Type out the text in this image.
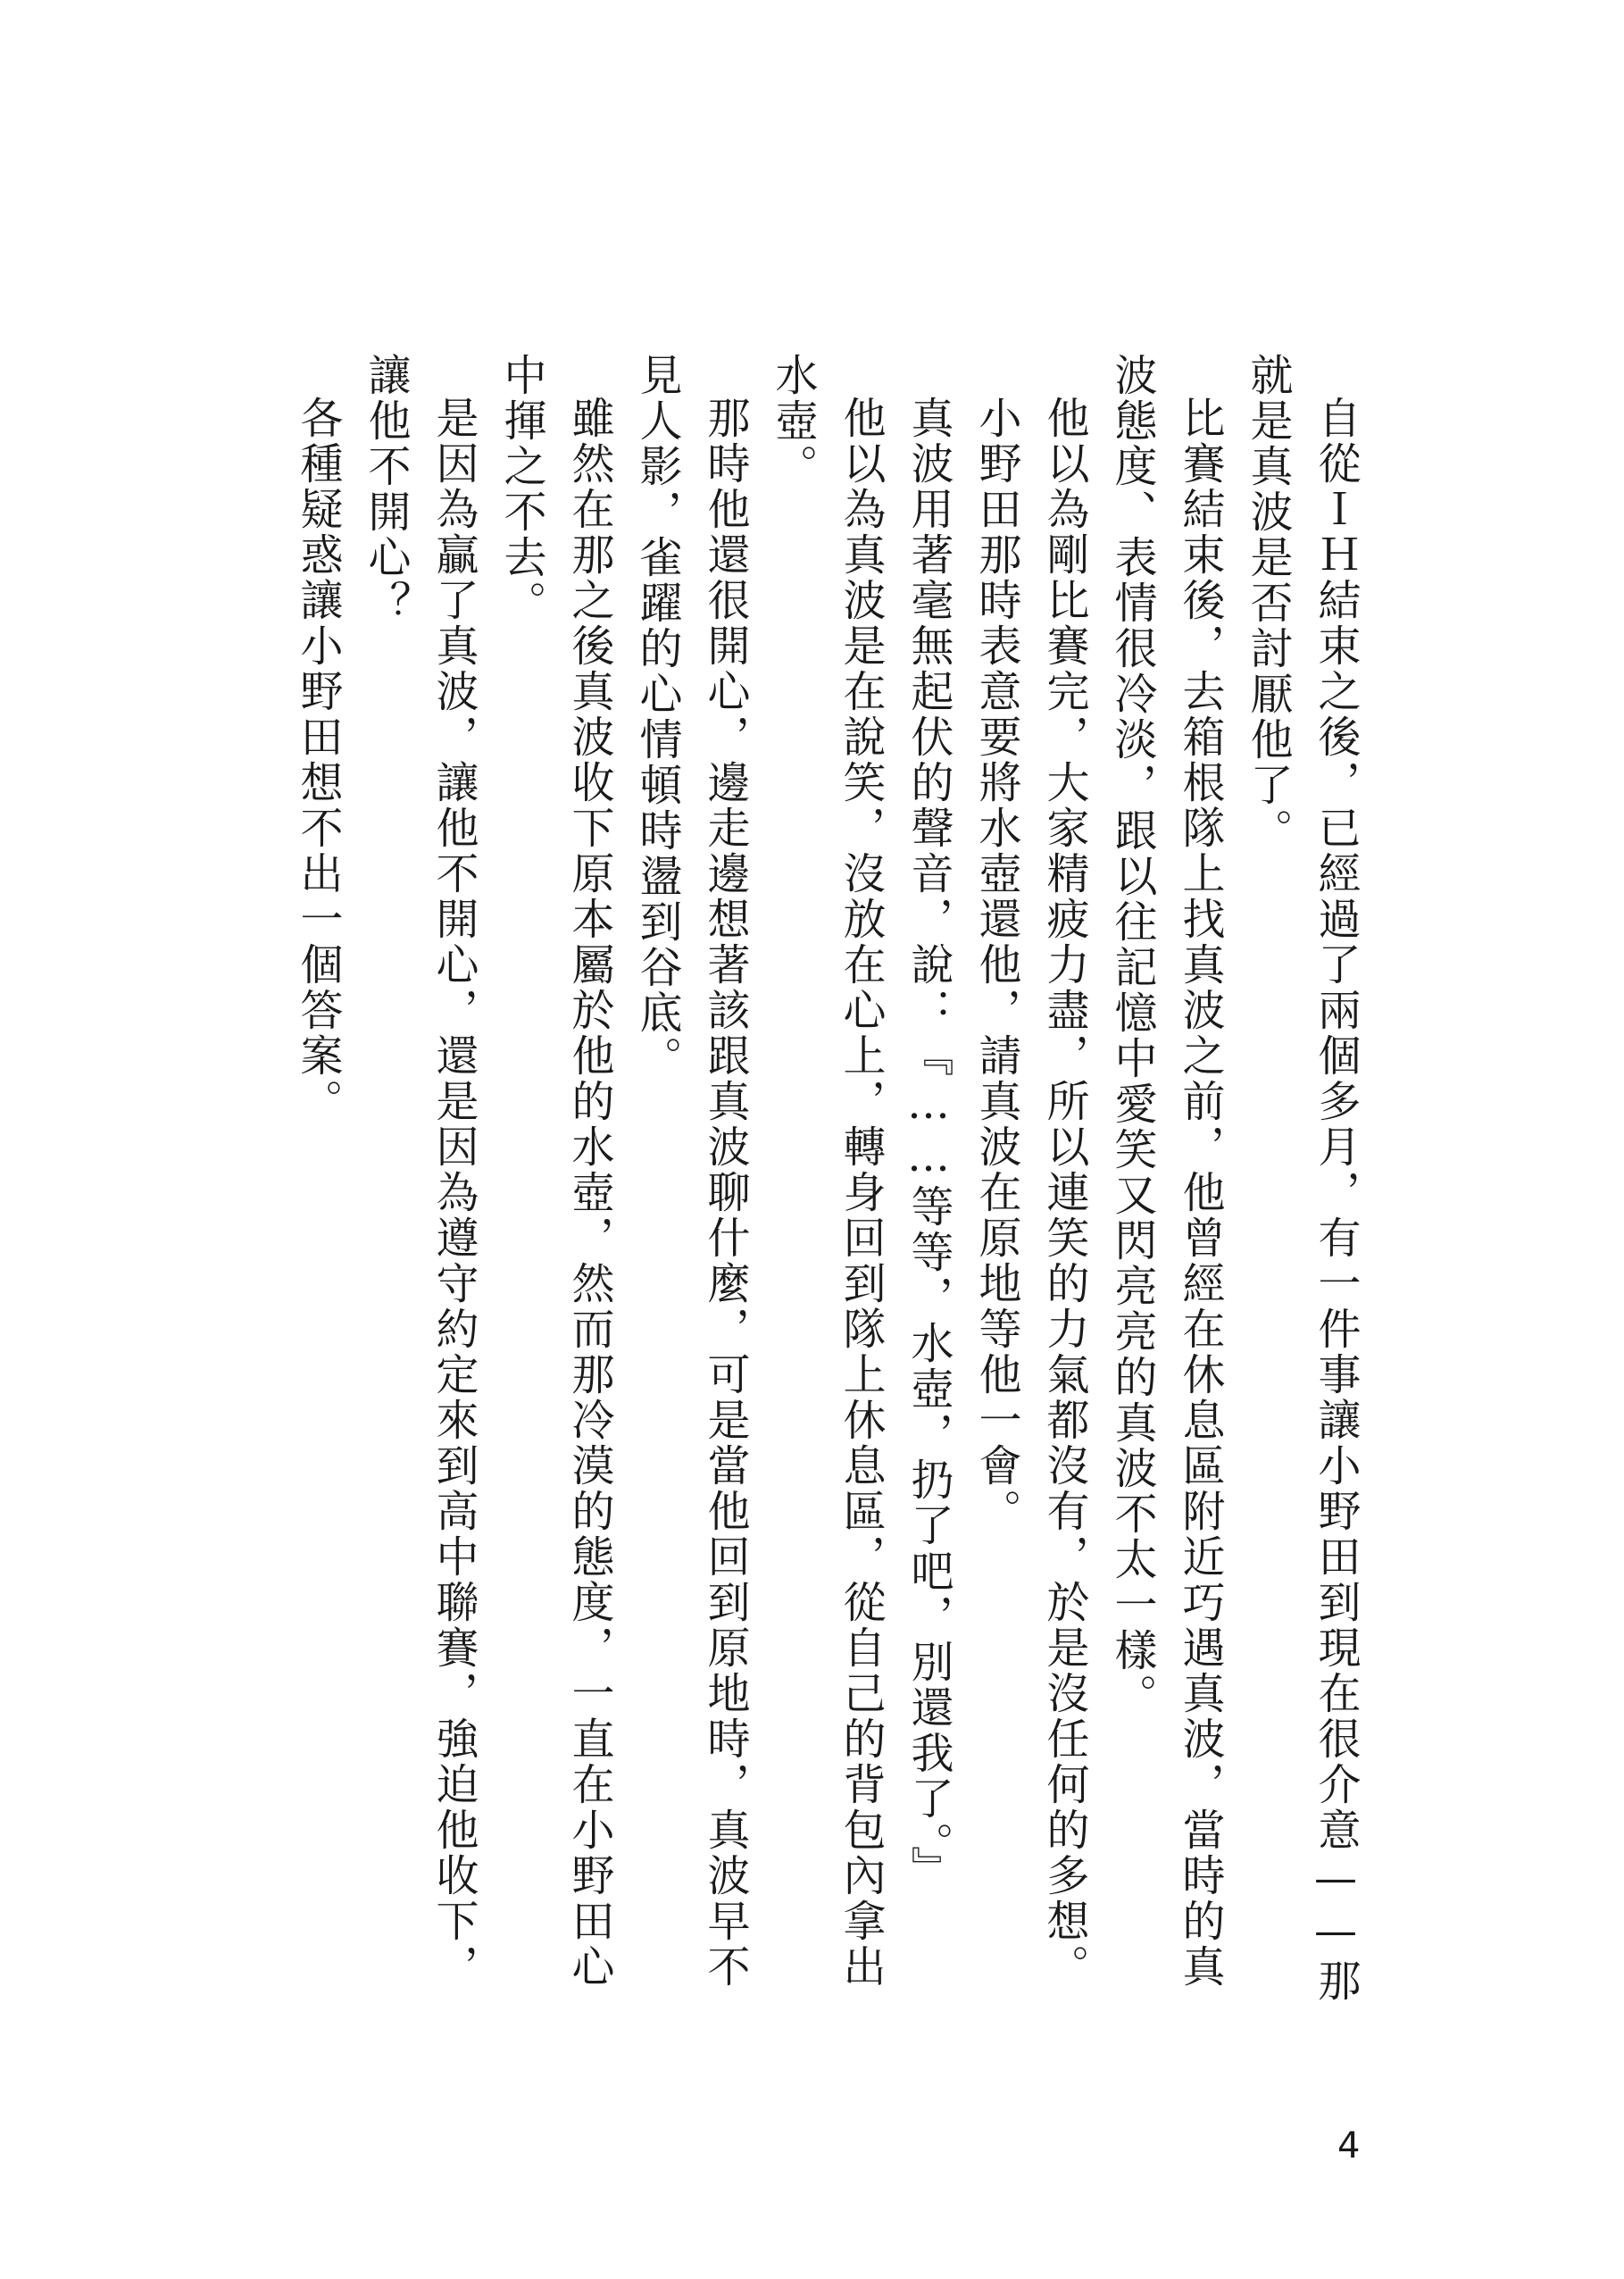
自從ＩＨ結束之後，已經過了兩個多月，有一件事讓小野田到現在很介意——那就是真波是否討厭他了。

比賽結束後，去箱根隊上找真波之前，他曾經在休息區附近巧遇真波，當時的真波態度、表情很冷淡，跟以往記憶中愛笑又閃亮亮的真波不太一樣。

他以為剛比賽完，大家精疲力盡，所以連笑的力氣都沒有，於是沒任何的多想。

小野田那時表意要將水壺還他，請真波在原地等他一會。

真波用著毫無起伏的聲音，說：『……等等，水壺，扔了吧，別還我了。』

他以為真波是在說笑，沒放在心上，轉身回到隊上休息區，從自己的背包內拿出水壺。

那時他還很開心，邊走邊想著該跟真波聊什麼，可是當他回到原地時，真波早不見人影，雀躍的心情頓時盪到谷底。

雖然在那之後真波收下原本屬於他的水壺，然而那冷漠的態度，一直在小野田心中揮之不去。

是因為贏了真波，讓他不開心，還是因為遵守約定來到高中聯賽，強迫他收下，讓他不開心？

各種疑惑讓小野田想不出一個答案。

4
